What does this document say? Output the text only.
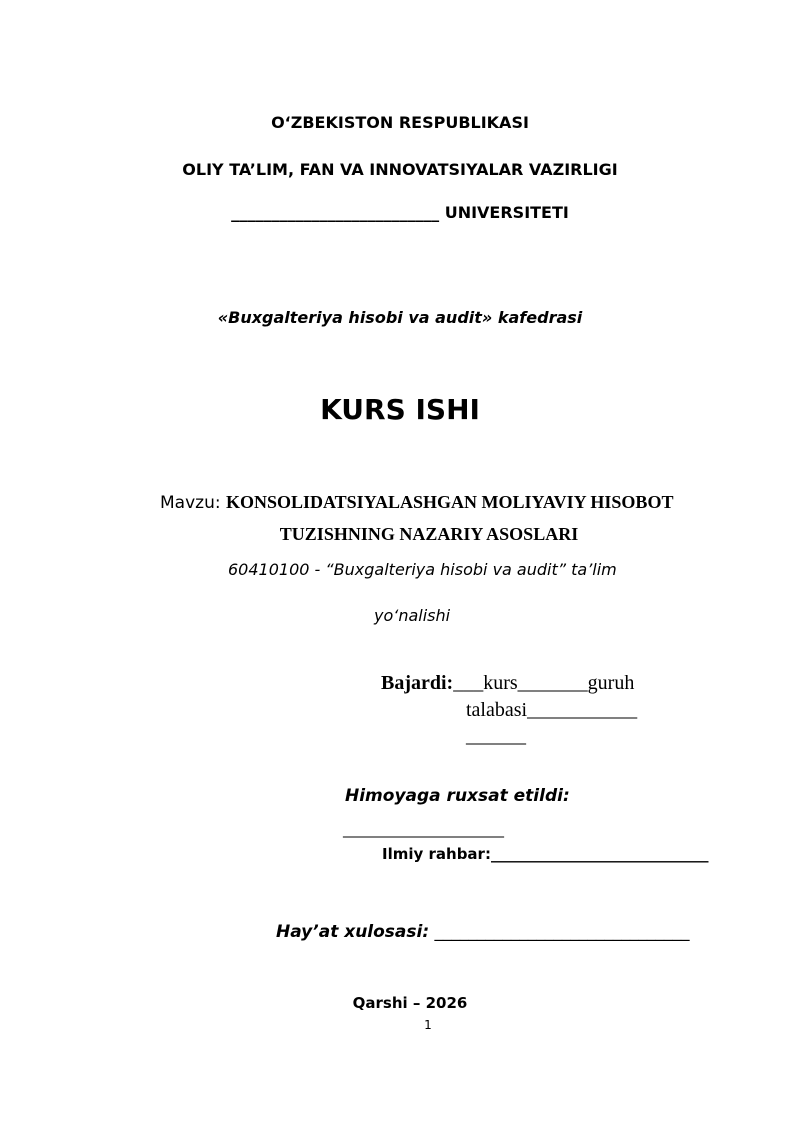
O‘ZBEKISTON RESPUBLIKASI
OLIY TA’LIM, FAN VA INNOVATSIYALAR VAZIRLIGI
__________________________ UNIVERSITETI
«Buxgalteriya hisobi va audit» kafedrasi
KURS ISHI
Mavzu: KONSOLIDATSIYALASHGAN MOLIYAVIY HISOBOT
TUZISHNING NAZARIY ASOSLARI
60410100 - “Buxgalteriya hisobi va audit” ta’lim
yo‘nalishi
Bajardi:___kurs_______guruh
talabasi___________
______
Himoyaga ruxsat etildi:
_______________________
Ilmiy rahbar:_____________________________
Hay’at xulosasi: ______________________________
Qarshi – 2026
1
